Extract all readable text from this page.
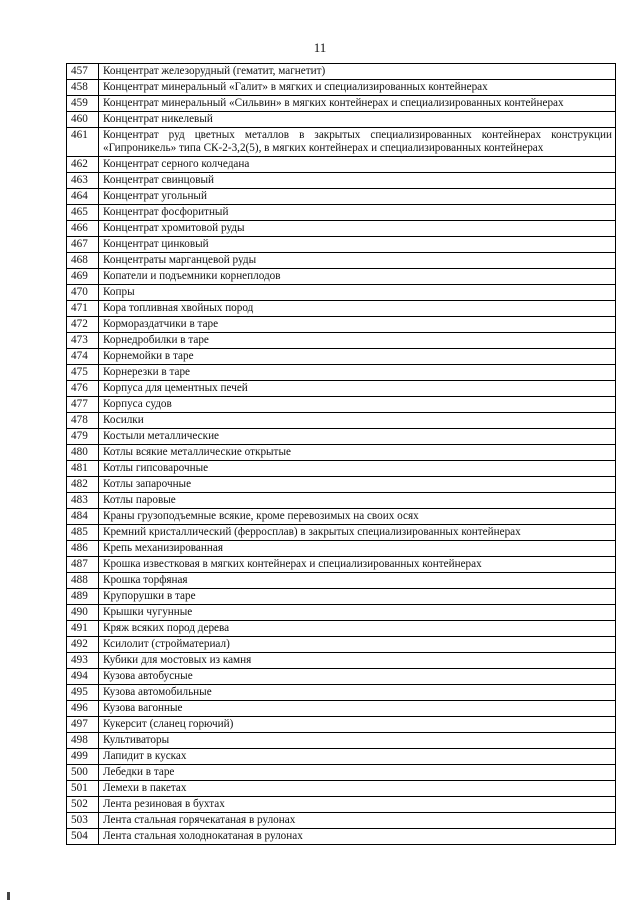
11
457	Концентрат железорудный (гематит, магнетит)
458	Концентрат минеральный «Галит» в мягких и специализированных контейнерах
459	Концентрат минеральный «Сильвин» в мягких контейнерах и специализированных контейнерах
460	Концентрат никелевый
461	Концентрат руд цветных металлов в закрытых специализированных контейнерах конструкции «Гипроникель» типа СК-2-3,2(5), в мягких контейнерах и специализированных контейнерах
462	Концентрат серного колчедана
463	Концентрат свинцовый
464	Концентрат угольный
465	Концентрат фосфоритный
466	Концентрат хромитовой руды
467	Концентрат цинковый
468	Концентраты марганцевой руды
469	Копатели и подъемники корнеплодов
470	Копры
471	Кора топливная хвойных пород
472	Кормораздатчики в таре
473	Корнедробилки в таре
474	Корнемойки в таре
475	Корнерезки в таре
476	Корпуса для цементных печей
477	Корпуса судов
478	Косилки
479	Костыли металлические
480	Котлы всякие металлические открытые
481	Котлы гипсоварочные
482	Котлы запарочные
483	Котлы паровые
484	Краны грузоподъемные всякие, кроме перевозимых на своих осях
485	Кремний кристаллический (ферросплав) в закрытых специализированных контейнерах
486	Крепь механизированная
487	Крошка известковая в мягких контейнерах и специализированных контейнерах
488	Крошка торфяная
489	Крупорушки в таре
490	Крышки чугунные
491	Кряж всяких пород дерева
492	Ксилолит (стройматериал)
493	Кубики для мостовых из камня
494	Кузова автобусные
495	Кузова автомобильные
496	Кузова вагонные
497	Кукерсит (сланец горючий)
498	Культиваторы
499	Лапидит в кусках
500	Лебедки в таре
501	Лемехи в пакетах
502	Лента резиновая в бухтах
503	Лента стальная горячекатаная в рулонах
504	Лента стальная холоднокатаная в рулонах
